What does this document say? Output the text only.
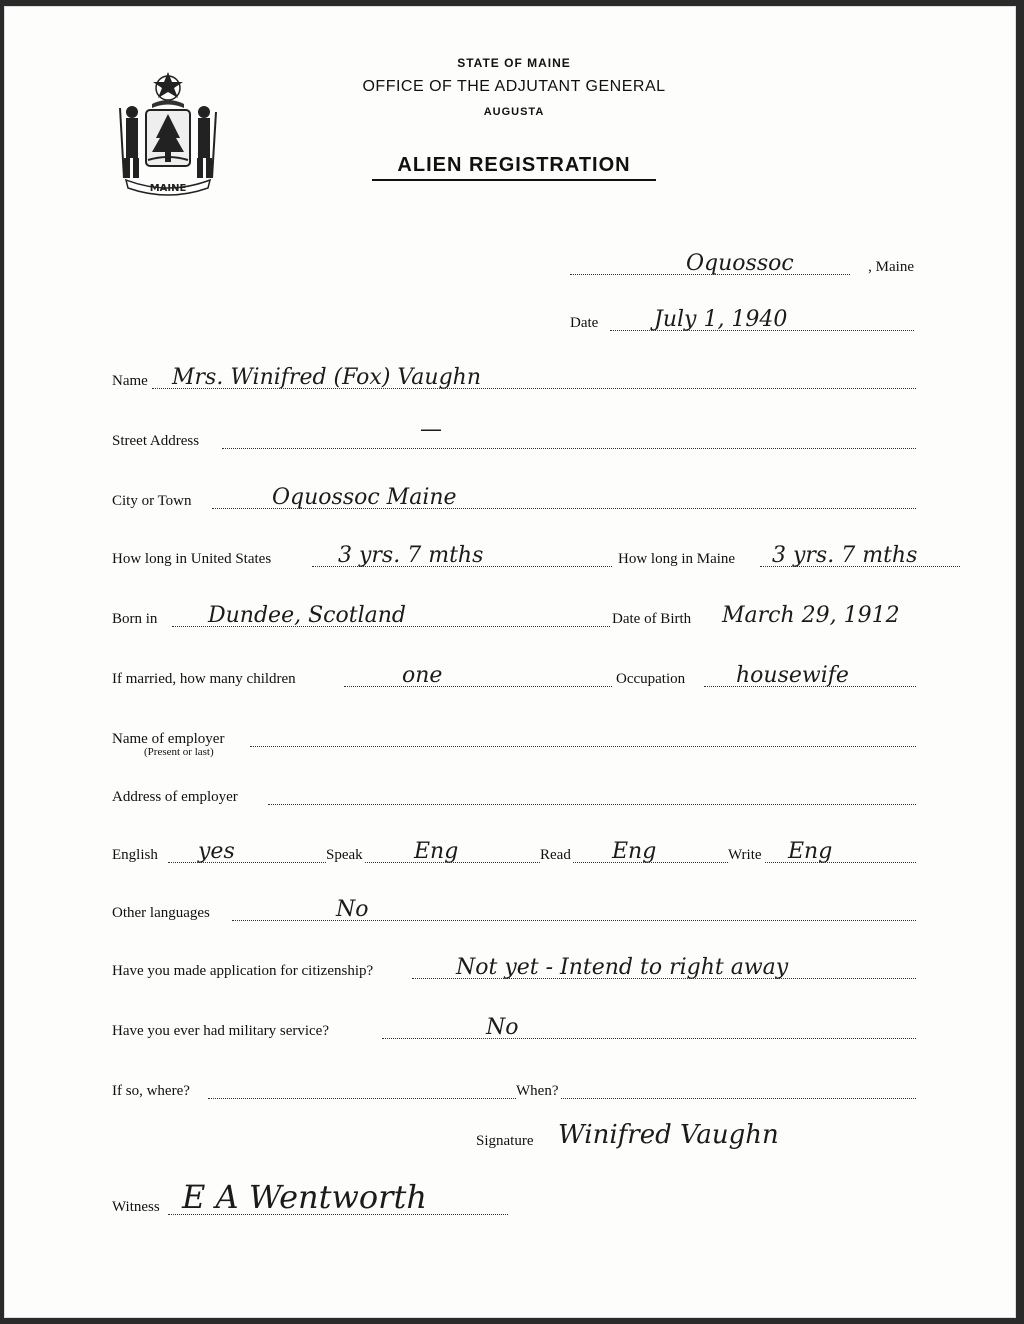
MAINE
STATE OF MAINE
OFFICE OF THE ADJUTANT GENERAL
AUGUSTA
ALIEN REGISTRATION
Oquossoc	, Maine
Date	July 1, 1940
Name Mrs. Winifred (Fox) Vaughn
Street Address	—
City or Town	Oquossoc Maine
How long in United States	3 yrs. 7 mths	How long in Maine 3 yrs. 7 mths
Born in Dundee, Scotland	Date of Birth March 29, 1912
If married, how many children	one	Occupation housewife
Name of employer
(Present or last)
Address of employer
English yes	Speak Eng	Read Eng	Write Eng
Other languages	No
Have you made application for citizenship?	Not yet - Intend to right away
Have you ever had military service?	No
If so, where?	When?
Signature Winifred Vaughn
Witness E A Wentworth
